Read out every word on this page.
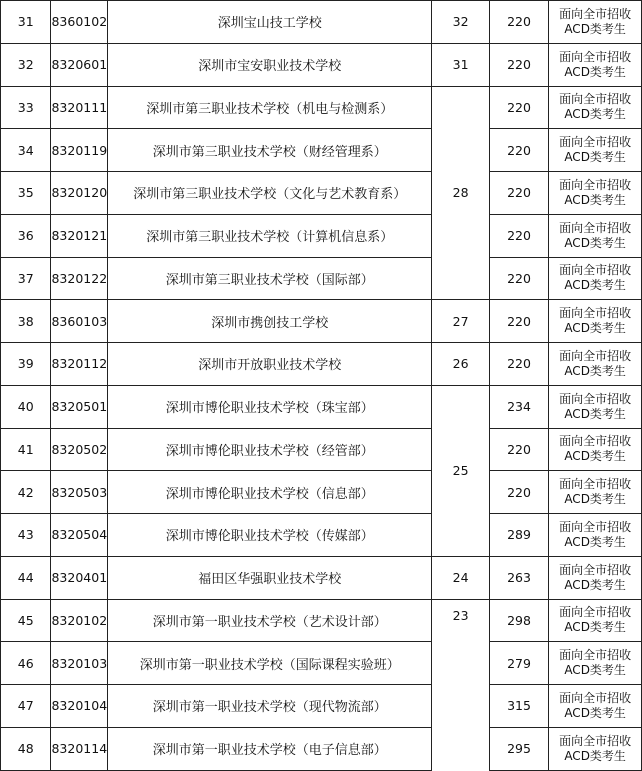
31	8360102	深圳宝山技工学校	32	220	面向全市招收
ACD类考生

32	8320601	深圳市宝安职业技术学校	31	220	面向全市招收
ACD类考生

33	8320111	深圳市第三职业技术学校（机电与检测系）	28	220	面向全市招收
ACD类考生

34	8320119	深圳市第三职业技术学校（财经管理系）		220	面向全市招收
ACD类考生

35	8320120	深圳市第三职业技术学校（文化与艺术教育系）		220	面向全市招收
ACD类考生

36	8320121	深圳市第三职业技术学校（计算机信息系）		220	面向全市招收
ACD类考生

37	8320122	深圳市第三职业技术学校（国际部）		220	面向全市招收
ACD类考生

38	8360103	深圳市携创技工学校	27	220	面向全市招收
ACD类考生

39	8320112	深圳市开放职业技术学校	26	220	面向全市招收
ACD类考生

40	8320501	深圳市博伦职业技术学校（珠宝部）	25	234	面向全市招收
ACD类考生

41	8320502	深圳市博伦职业技术学校（经管部）		220	面向全市招收
ACD类考生

42	8320503	深圳市博伦职业技术学校（信息部）		220	面向全市招收
ACD类考生

43	8320504	深圳市博伦职业技术学校（传媒部）		289	面向全市招收
ACD类考生

44	8320401	福田区华强职业技术学校	24	263	面向全市招收
ACD类考生

45	8320102	深圳市第一职业技术学校（艺术设计部）	23	298	面向全市招收
ACD类考生

46	8320103	深圳市第一职业技术学校（国际课程实验班）		279	面向全市招收
ACD类考生

47	8320104	深圳市第一职业技术学校（现代物流部）		315	面向全市招收
ACD类考生

48	8320114	深圳市第一职业技术学校（电子信息部）		295	面向全市招收
ACD类考生
